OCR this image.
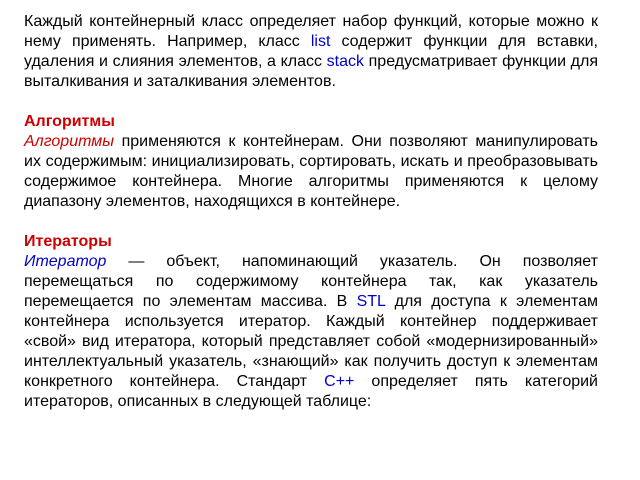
Каждый контейнерный класс определяет набор функций, которые можно к нему применять. Например, класс list содержит функции для вставки, удаления и слияния элементов, а класс stack предусматривает функции для выталкивания и заталкивания элементов.

Алгоритмы

Алгоритмы применяются к контейнерам. Они позволяют манипулировать их содержимым: инициализировать, сортировать, искать и преобразовывать содержимое контейнера. Многие алгоритмы применяются к целому диапазону элементов, находящихся в контейнере.

Итераторы

Итератор — объект, напоминающий указатель. Он позволяет перемещаться по содержимому контейнера так, как указатель перемещается по элементам массива. В STL для доступа к элементам контейнера используется итератор. Каждый контейнер поддерживает «свой» вид итератора, который представляет собой «модернизированный» интеллектуальный указатель, «знающий» как получить доступ к элементам конкретного контейнера. Стандарт C++ определяет пять категорий итераторов, описанных в следующей таблице:
